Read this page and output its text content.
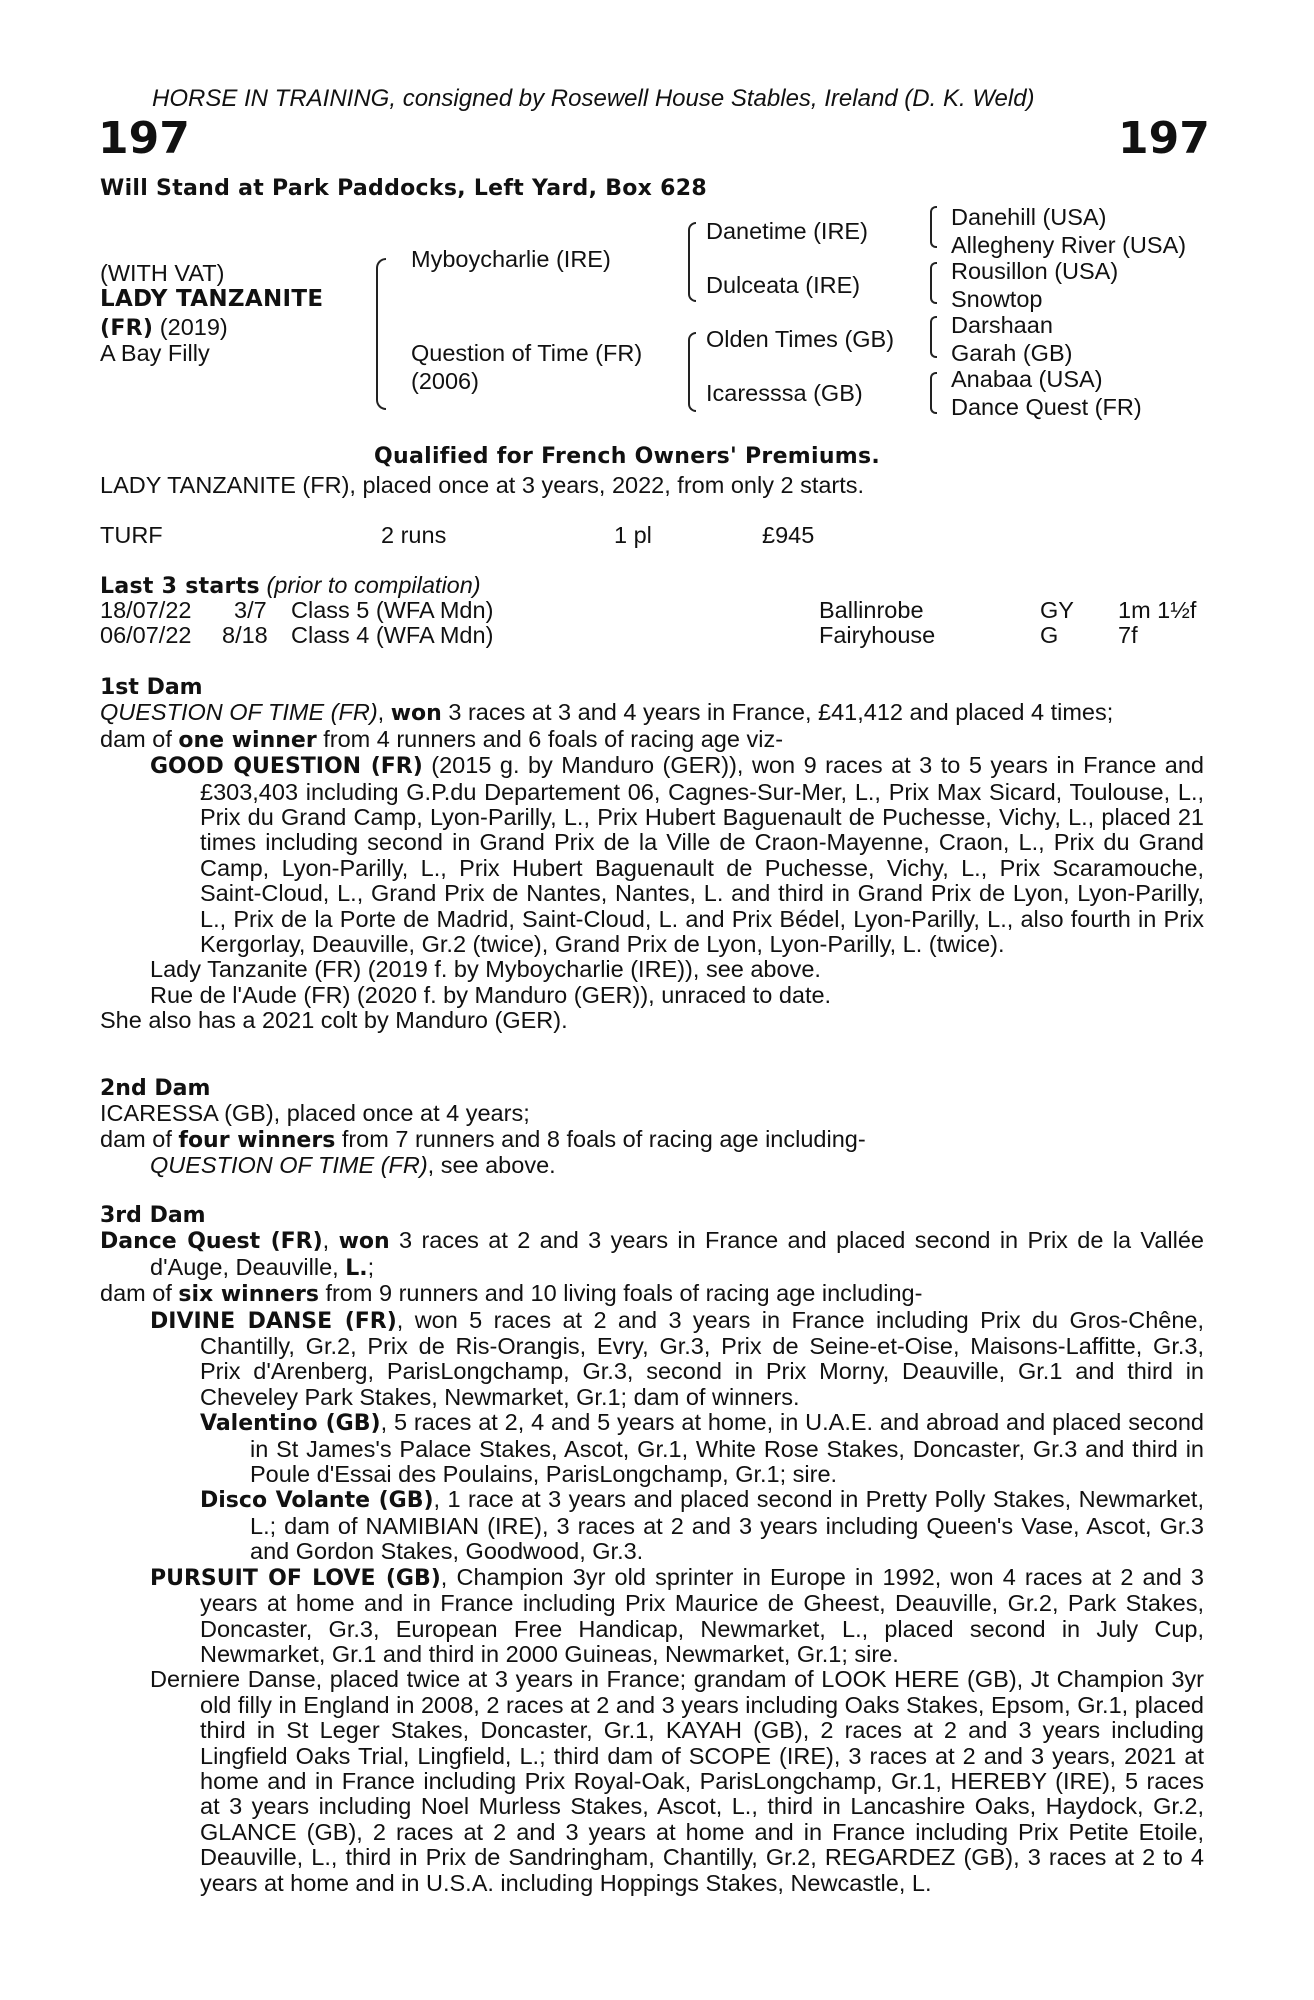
HORSE IN TRAINING, consigned by Rosewell House Stables, Ireland (D. K. Weld)
197	197
Will Stand at Park Paddocks, Left Yard, Box 628
(WITH VAT)
LADY TANZANITE
(FR) (2019)
A Bay Filly
Myboycharlie (IRE)
Question of Time (FR)
(2006)
Danetime (IRE)
Dulceata (IRE)
Olden Times (GB)
Icaresssa (GB)
Danehill (USA)
Allegheny River (USA)
Rousillon (USA)
Snowtop
Darshaan
Garah (GB)
Anabaa (USA)
Dance Quest (FR)
Qualified for French Owners' Premiums.
LADY TANZANITE (FR), placed once at 3 years, 2022, from only 2 starts.
TURF	2 runs	1 pl	£945
Last 3 starts (prior to compilation)
18/07/22 3/7 Class 5 (WFA Mdn)	Ballinrobe	GY 1m 1½f
06/07/22 8/18 Class 4 (WFA Mdn)	Fairyhouse	G	7f

1st Dam

QUESTION OF TIME (FR), won 3 races at 3 and 4 years in France, £41,412 and placed 4 times;

dam of one winner from 4 runners and 6 foals of racing age viz-

GOOD QUESTION (FR) (2015 g. by Manduro (GER)), won 9 races at 3 to 5 years in France and £303,403 including G.P.du Departement 06, Cagnes-Sur-Mer, L., Prix Max Sicard, Toulouse, L., Prix du Grand Camp, Lyon-Parilly, L., Prix Hubert Baguenault de Puchesse, Vichy, L., placed 21 times including second in Grand Prix de la Ville de Craon-Mayenne, Craon, L., Prix du Grand Camp, Lyon-Parilly, L., Prix Hubert Baguenault de Puchesse, Vichy, L., Prix Scaramouche, Saint-Cloud, L., Grand Prix de Nantes, Nantes, L. and third in Grand Prix de Lyon, Lyon-Parilly, L., Prix de la Porte de Madrid, Saint-Cloud, L. and Prix Bédel, Lyon-Parilly, L., also fourth in Prix Kergorlay, Deauville, Gr.2 (twice), Grand Prix de Lyon, Lyon-Parilly, L. (twice).

Lady Tanzanite (FR) (2019 f. by Myboycharlie (IRE)), see above.

Rue de l'Aude (FR) (2020 f. by Manduro (GER)), unraced to date.

She also has a 2021 colt by Manduro (GER).

2nd Dam

ICARESSA (GB), placed once at 4 years;

dam of four winners from 7 runners and 8 foals of racing age including-

QUESTION OF TIME (FR), see above.

3rd Dam

Dance Quest (FR), won 3 races at 2 and 3 years in France and placed second in Prix de la Vallée d'Auge, Deauville, L.;

dam of six winners from 9 runners and 10 living foals of racing age including-

DIVINE DANSE (FR), won 5 races at 2 and 3 years in France including Prix du Gros-Chêne, Chantilly, Gr.2, Prix de Ris-Orangis, Evry, Gr.3, Prix de Seine-et-Oise, Maisons-Laffitte, Gr.3, Prix d'Arenberg, ParisLongchamp, Gr.3, second in Prix Morny, Deauville, Gr.1 and third in Cheveley Park Stakes, Newmarket, Gr.1; dam of winners.

Valentino (GB), 5 races at 2, 4 and 5 years at home, in U.A.E. and abroad and placed second in St James's Palace Stakes, Ascot, Gr.1, White Rose Stakes, Doncaster, Gr.3 and third in Poule d'Essai des Poulains, ParisLongchamp, Gr.1; sire.

Disco Volante (GB), 1 race at 3 years and placed second in Pretty Polly Stakes, Newmarket, L.; dam of NAMIBIAN (IRE), 3 races at 2 and 3 years including Queen's Vase, Ascot, Gr.3 and Gordon Stakes, Goodwood, Gr.3.

PURSUIT OF LOVE (GB), Champion 3yr old sprinter in Europe in 1992, won 4 races at 2 and 3 years at home and in France including Prix Maurice de Gheest, Deauville, Gr.2, Park Stakes, Doncaster, Gr.3, European Free Handicap, Newmarket, L., placed second in July Cup, Newmarket, Gr.1 and third in 2000 Guineas, Newmarket, Gr.1; sire.

Derniere Danse, placed twice at 3 years in France; grandam of LOOK HERE (GB), Jt Champion 3yr old filly in England in 2008, 2 races at 2 and 3 years including Oaks Stakes, Epsom, Gr.1, placed third in St Leger Stakes, Doncaster, Gr.1, KAYAH (GB), 2 races at 2 and 3 years including Lingfield Oaks Trial, Lingfield, L.; third dam of SCOPE (IRE), 3 races at 2 and 3 years, 2021 at home and in France including Prix Royal-Oak, ParisLongchamp, Gr.1, HEREBY (IRE), 5 races at 3 years including Noel Murless Stakes, Ascot, L., third in Lancashire Oaks, Haydock, Gr.2, GLANCE (GB), 2 races at 2 and 3 years at home and in France including Prix Petite Etoile, Deauville, L., third in Prix de Sandringham, Chantilly, Gr.2, REGARDEZ (GB), 3 races at 2 to 4 years at home and in U.S.A. including Hoppings Stakes, Newcastle, L.
